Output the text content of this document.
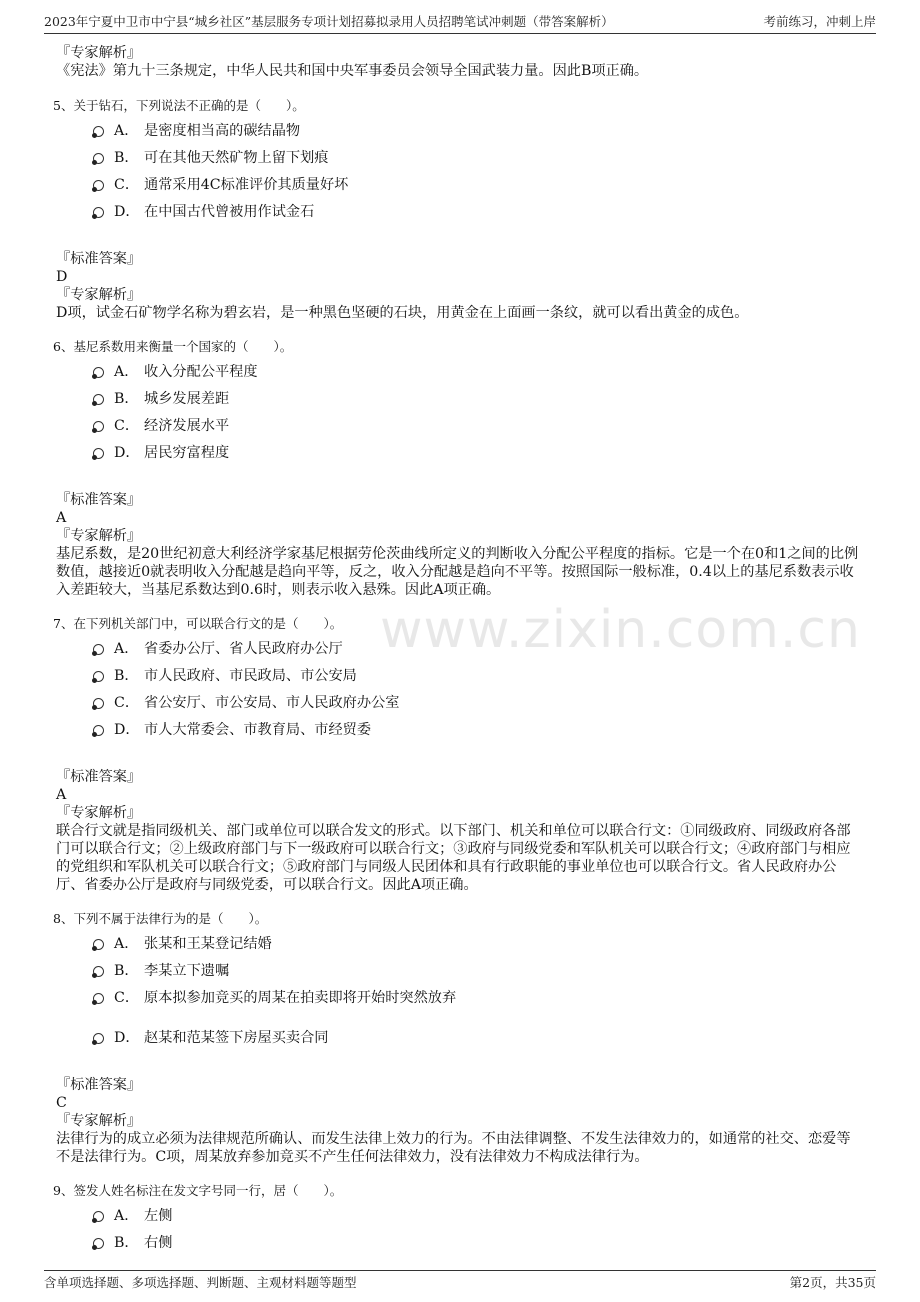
2023年宁夏中卫市中宁县“城乡社区”基层服务专项计划招募拟录用人员招聘笔试冲刺题（带答案解析）	考前练习，冲刺上岸
www.zixin.com.cn

『专家解析』

《宪法》第九十三条规定，中华人民共和国中央军事委员会领导全国武装力量。因此B项正确。

5、关于钻石，下列说法不正确的是（　　）。

A． 是密度相当高的碳结晶物
B． 可在其他天然矿物上留下划痕
C． 通常采用4C标准评价其质量好坏
D． 在中国古代曾被用作试金石

『标准答案』

D

『专家解析』

D项，试金石矿物学名称为碧玄岩，是一种黑色坚硬的石块，用黄金在上面画一条纹，就可以看出黄金的成色。

6、基尼系数用来衡量一个国家的（　　）。

A． 收入分配公平程度
B． 城乡发展差距
C． 经济发展水平
D． 居民穷富程度

『标准答案』

A

『专家解析』

基尼系数，是20世纪初意大利经济学家基尼根据劳伦茨曲线所定义的判断收入分配公平程度的指标。它是一个在0和1之间的比例数值，越接近0就表明收入分配越是趋向平等，反之，收入分配越是趋向不平等。按照国际一般标准，0.4以上的基尼系数表示收入差距较大，当基尼系数达到0.6时，则表示收入悬殊。因此A项正确。

7、在下列机关部门中，可以联合行文的是（　　）。

A． 省委办公厅、省人民政府办公厅
B． 市人民政府、市民政局、市公安局
C． 省公安厅、市公安局、市人民政府办公室
D． 市人大常委会、市教育局、市经贸委

『标准答案』

A

『专家解析』

联合行文就是指同级机关、部门或单位可以联合发文的形式。以下部门、机关和单位可以联合行文：①同级政府、同级政府各部门可以联合行文；②上级政府部门与下一级政府可以联合行文；③政府与同级党委和军队机关可以联合行文；④政府部门与相应的党组织和军队机关可以联合行文；⑤政府部门与同级人民团体和具有行政职能的事业单位也可以联合行文。省人民政府办公厅、省委办公厅是政府与同级党委，可以联合行文。因此A项正确。

8、下列不属于法律行为的是（　　）。

A． 张某和王某登记结婚
B． 李某立下遗嘱
C． 原本拟参加竞买的周某在拍卖即将开始时突然放弃
D． 赵某和范某签下房屋买卖合同

『标准答案』

C

『专家解析』

法律行为的成立必须为法律规范所确认、而发生法律上效力的行为。不由法律调整、不发生法律效力的，如通常的社交、恋爱等不是法律行为。C项，周某放弃参加竞买不产生任何法律效力，没有法律效力不构成法律行为。

9、签发人姓名标注在发文字号同一行，居（　　）。

A． 左侧
B． 右侧
含单项选择题、多项选择题、判断题、主观材料题等题型	第2页，共35页
